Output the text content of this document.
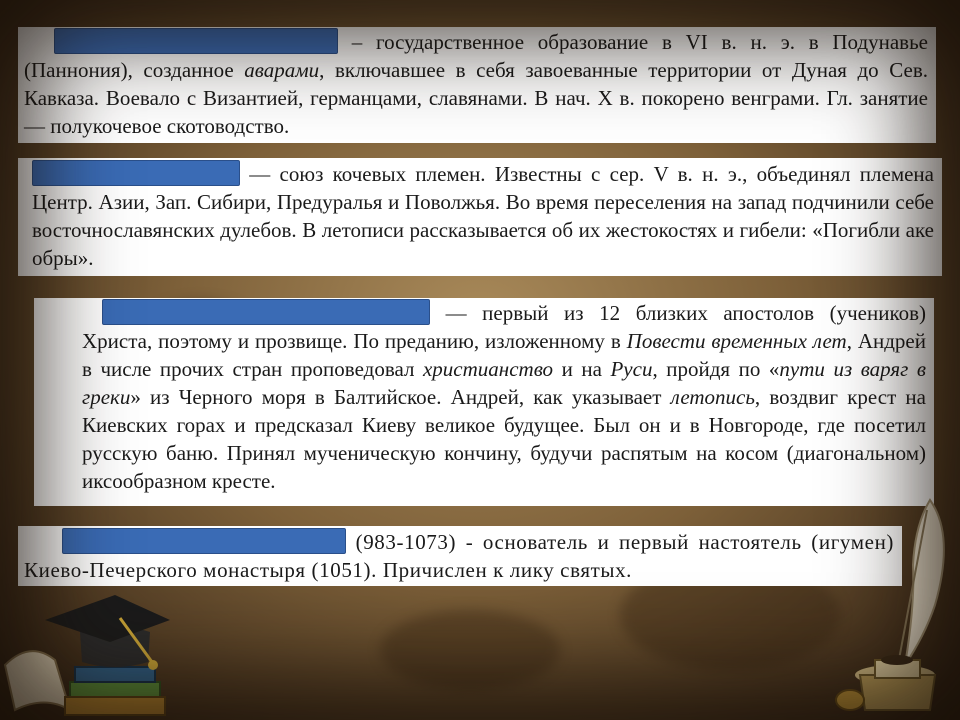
– государственное образование в VI в. н. э. в Подунавье (Паннония), созданное аварами, включавшее в себя завоеванные территории от Дуная до Сев. Кавказа. Воевало с Византией, германцами, славянами. В нач. X в. покорено венграми. Гл. занятие — полукочевое скотоводство.

— союз кочевых племен. Известны с сер. V в. н. э., объединял племена Центр. Азии, Зап. Сибири, Предуралья и Поволжья. Во время переселения на запад подчинили себе восточнославянских дулебов. В летописи рассказывается об их жестокостях и гибели: «Погибли аке обры».

— первый из 12 близких апостолов (учеников) Христа, поэтому и прозвище. По преданию, изложенному в Повести временных лет, Андрей в числе прочих стран проповедовал христианство и на Руси, пройдя по «пути из варяг в греки» из Черного моря в Балтийское. Андрей, как указывает летопись, воздвиг крест на Киевских горах и предсказал Киеву великое будущее. Был он и в Новгороде, где посетил русскую баню. Принял мученическую кончину, будучи распятым на косом (диагональном) иксообразном кресте.

(983-1073) - основатель и первый настоятель (игумен) Киево-Печерского монастыря (1051). Причислен к лику святых.
